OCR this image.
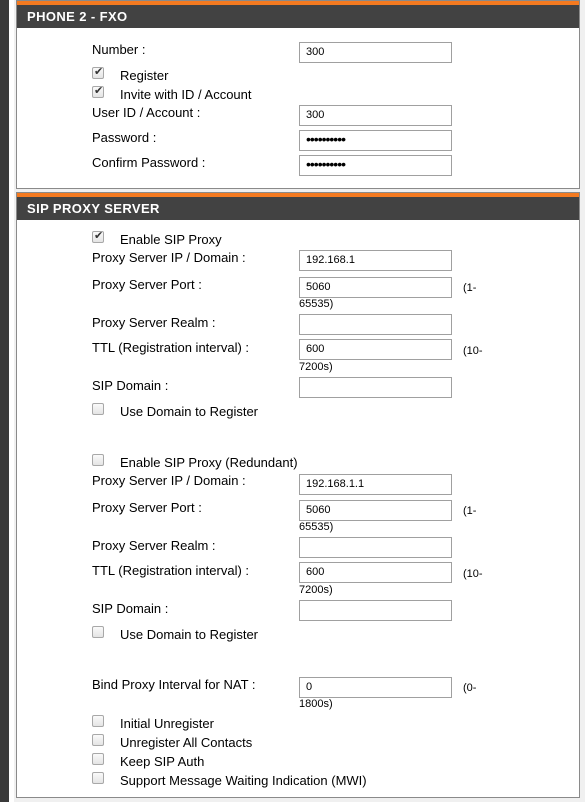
PHONE 2 - FXO
Number :	300
✔
Register
✔
Invite with ID / Account
User ID / Account :	300
Password :	••••••••••
Confirm Password :	••••••••••
SIP PROXY SERVER
✔
Enable SIP Proxy
Proxy Server IP / Domain :	192.168.1
Proxy Server Port :	5060	(1-
65535)
Proxy Server Realm :
TTL (Registration interval) :	600	(10-
7200s)
SIP Domain :
Use Domain to Register
Enable SIP Proxy (Redundant)
Proxy Server IP / Domain :	192.168.1.1
Proxy Server Port :	5060	(1-
65535)
Proxy Server Realm :
TTL (Registration interval) :	600	(10-
7200s)
SIP Domain :
Use Domain to Register
Bind Proxy Interval for NAT :	0	(0-
1800s)
Initial Unregister
Unregister All Contacts
Keep SIP Auth
Support Message Waiting Indication (MWI)
